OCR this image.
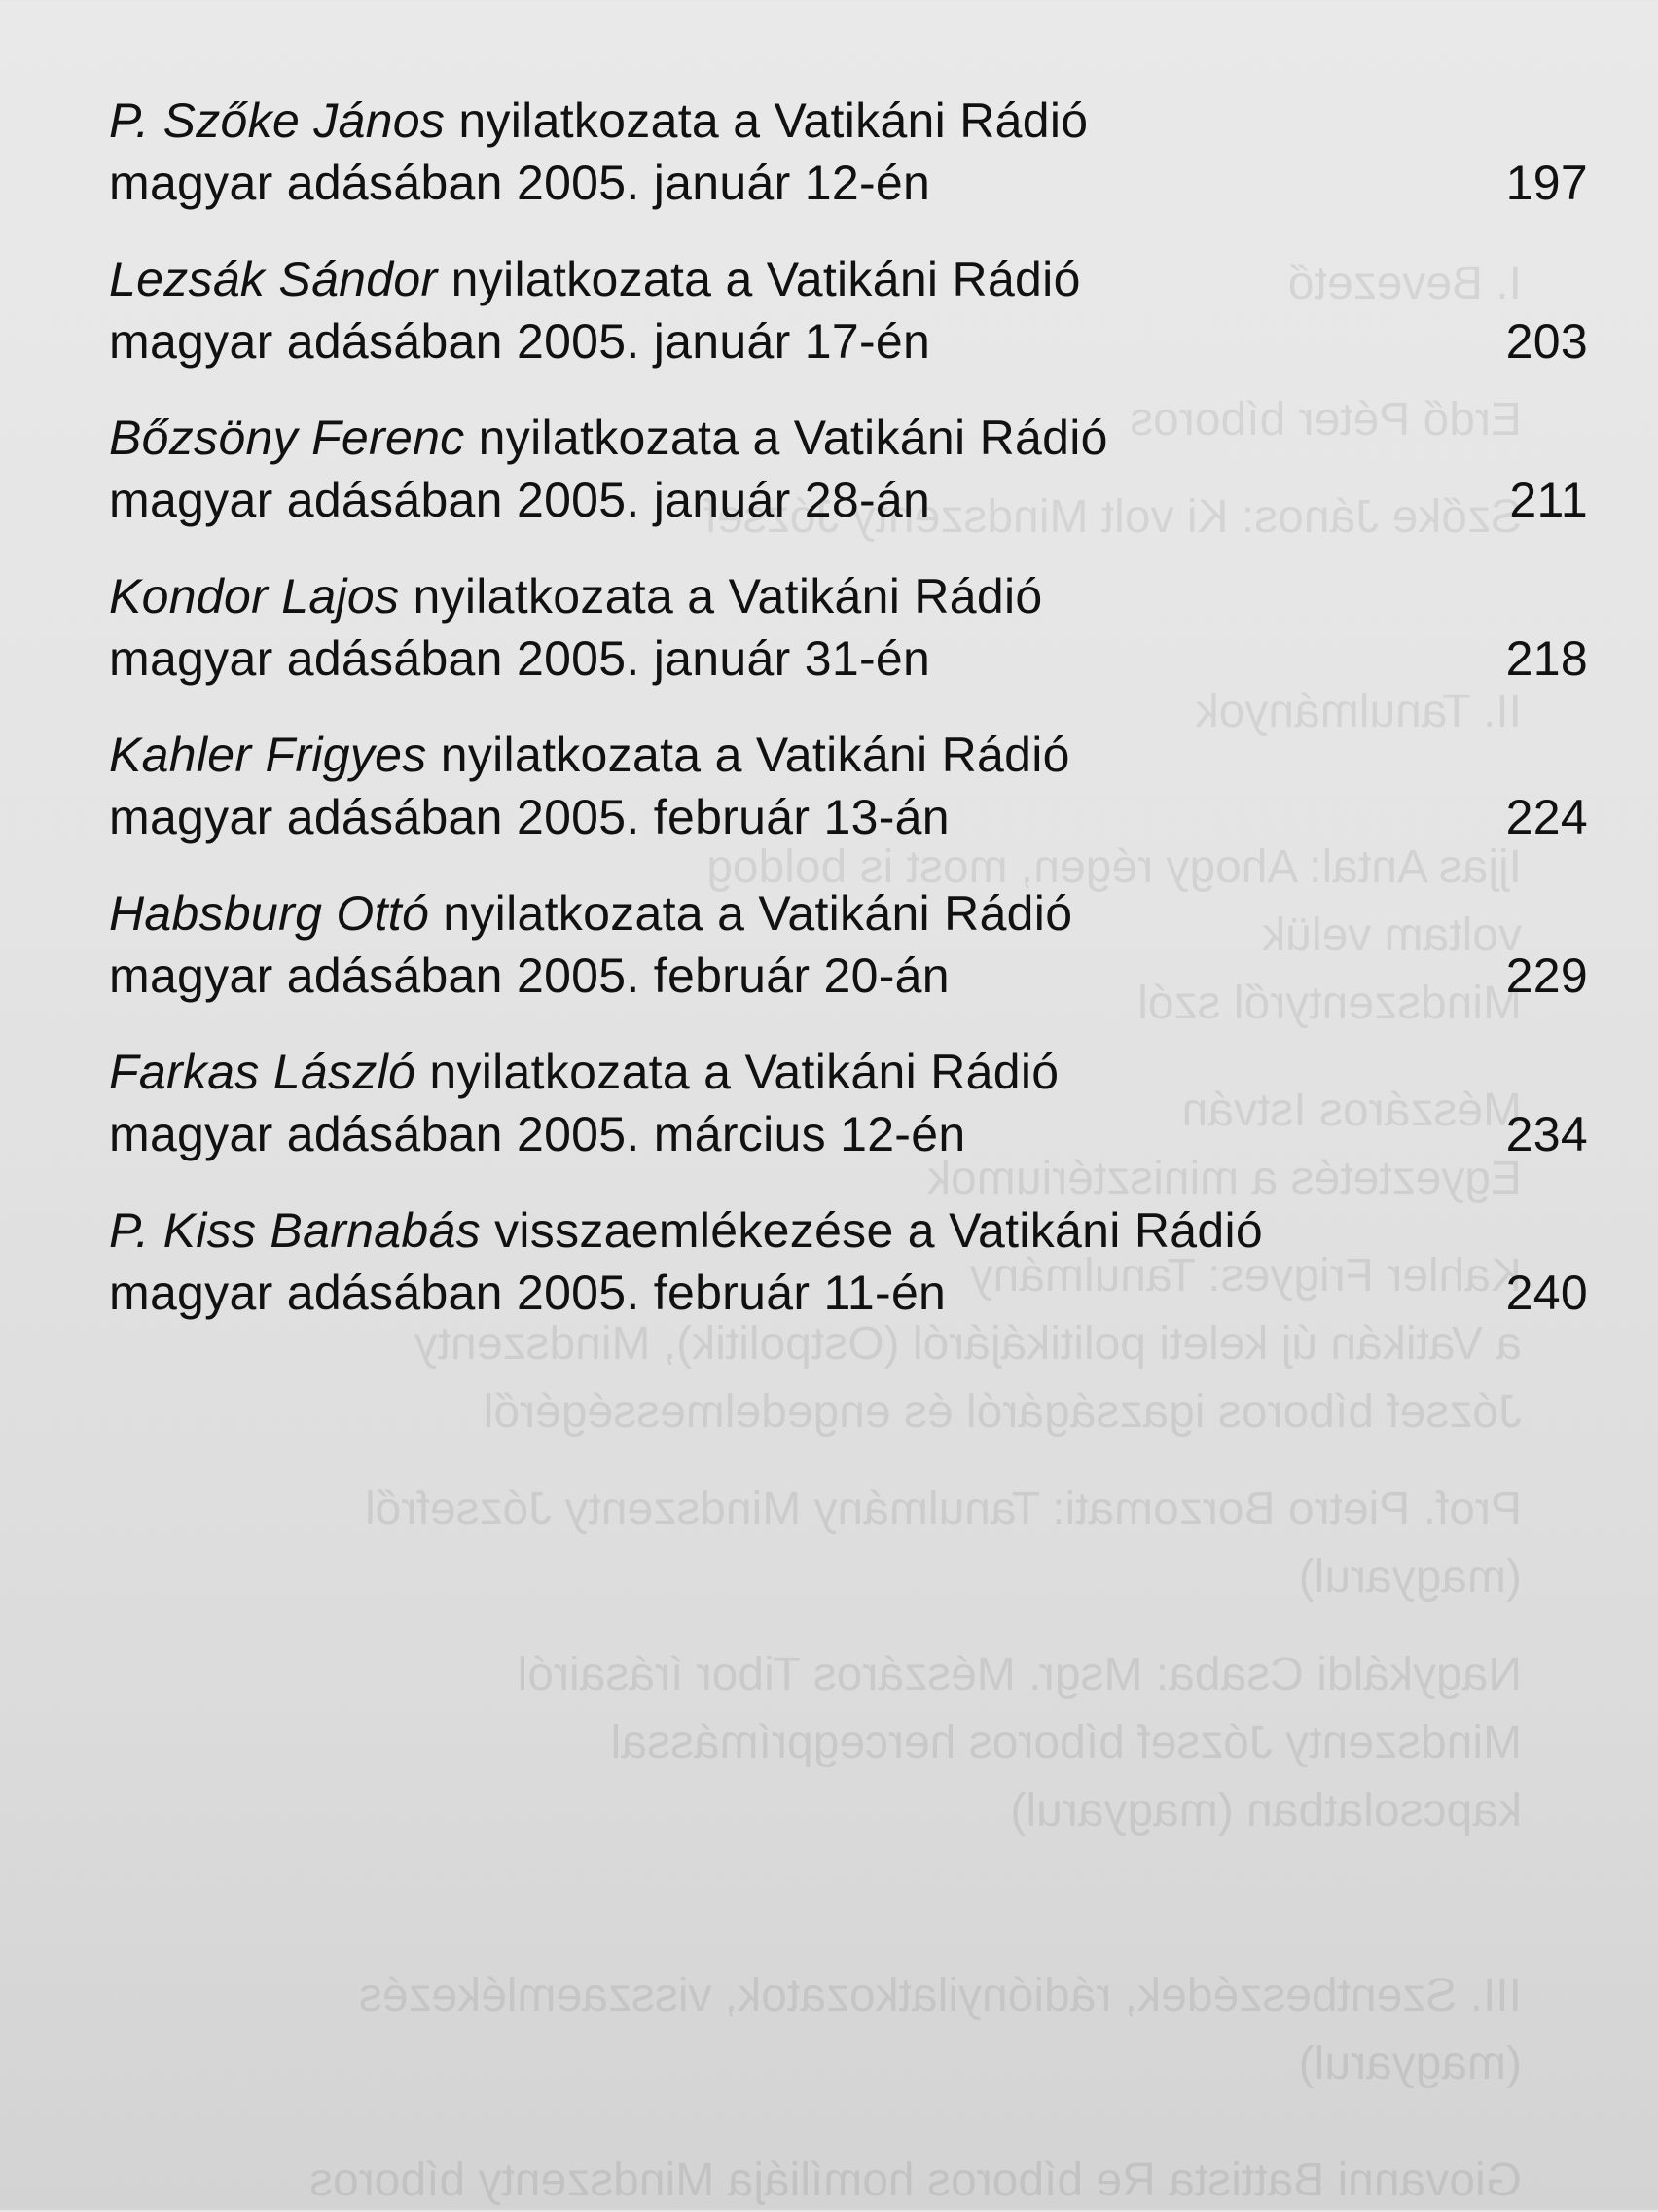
I. Bevezető
Erdő Péter bíboros
Szőke János: Ki volt Mindszenty József
II. Tanulmányok
Ijjas Antal: Ahogy régen, most is boldog
voltam velük
Mindszentyről szól
Mészáros István
Egyeztetés a minisztériumok
Kahler Frigyes: Tanulmány
a Vatikán új keleti politikájáról (Ostpolitik), Mindszenty
József bíboros igazságáról és engedelmességéről
Prof. Pietro Borzomati: Tanulmány Mindszenty Józsefről
(magyarul)
Nagykáldi Csaba: Msgr. Mészáros Tibor írásairól
Mindszenty József bíboros hercegprímással
kapcsolatban (magyarul)
III. Szentbeszédek, rádiónyilatkozatok, visszaemlékezés
(magyarul)
Giovanni Battista Re bíboros homíliája Mindszenty bíboros
P. Szőke János nyilatkozata a Vatikáni Rádió
magyar adásában 2005. január 12-én	197
Lezsák Sándor nyilatkozata a Vatikáni Rádió
magyar adásában 2005. január 17-én	203
Bőzsöny Ferenc nyilatkozata a Vatikáni Rádió
magyar adásában 2005. január 28-án	211
Kondor Lajos nyilatkozata a Vatikáni Rádió
magyar adásában 2005. január 31-én	218
Kahler Frigyes nyilatkozata a Vatikáni Rádió
magyar adásában 2005. február 13-án	224
Habsburg Ottó nyilatkozata a Vatikáni Rádió
magyar adásában 2005. február 20-án	229
Farkas László nyilatkozata a Vatikáni Rádió
magyar adásában 2005. március 12-én	234
P. Kiss Barnabás visszaemlékezése a Vatikáni Rádió
magyar adásában 2005. február 11-én	240
